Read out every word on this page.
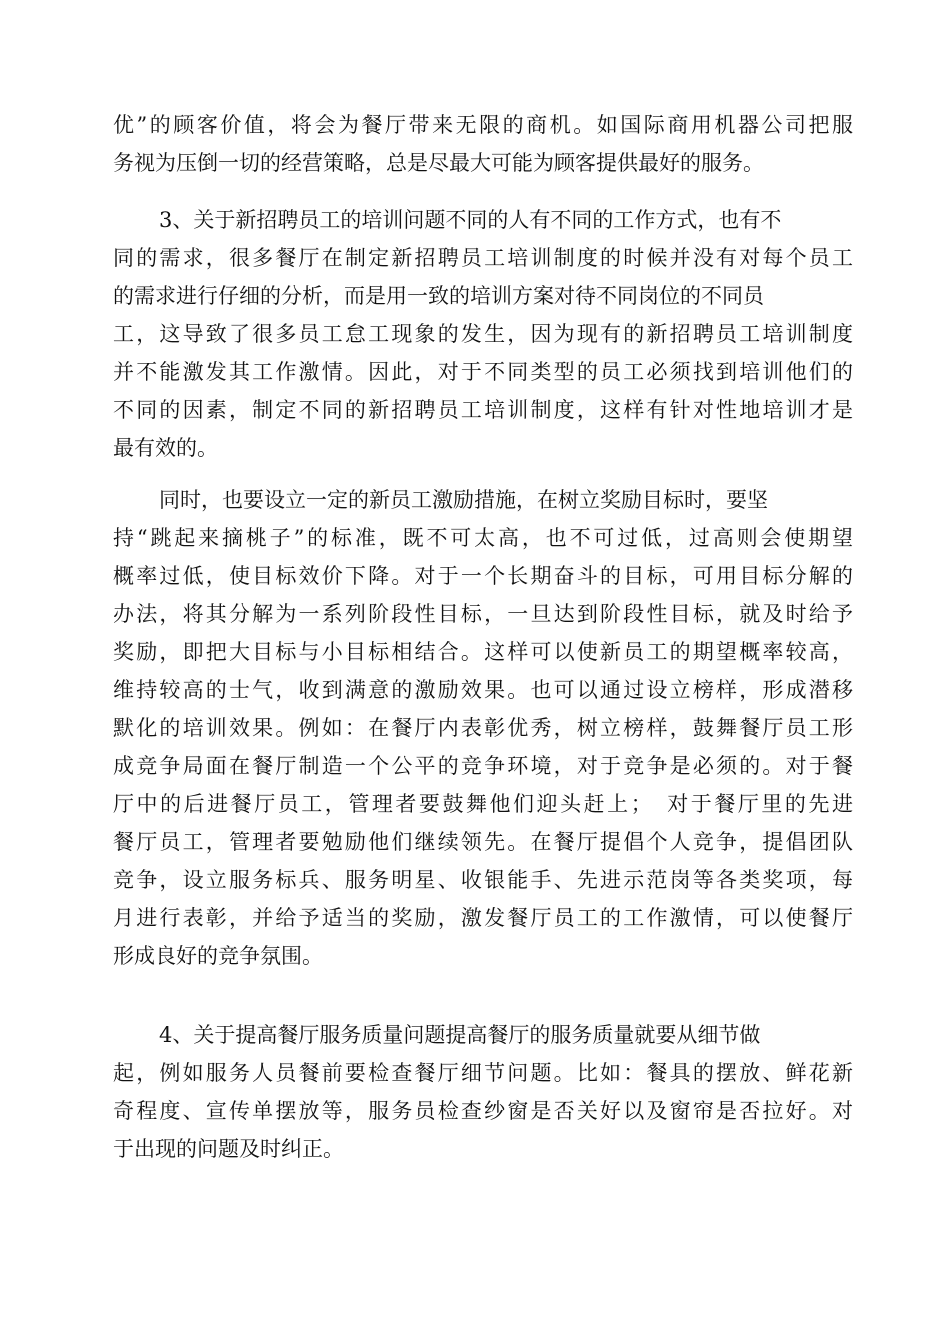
优”的顾客价值，将会为餐厅带来无限的商机。如国际商用机器公司把服
务视为压倒一切的经营策略，总是尽最大可能为顾客提供最好的服务。
3、关于新招聘员工的培训问题不同的人有不同的工作方式，也有不
同的需求，很多餐厅在制定新招聘员工培训制度的时候并没有对每个员工
的需求进行仔细的分析，而是用一致的培训方案对待不同岗位的不同员
工，这导致了很多员工怠工现象的发生，因为现有的新招聘员工培训制度
并不能激发其工作激情。因此，对于不同类型的员工必须找到培训他们的
不同的因素，制定不同的新招聘员工培训制度，这样有针对性地培训才是
最有效的。
同时，也要设立一定的新员工激励措施，在树立奖励目标时，要坚
持“跳起来摘桃子”的标准，既不可太高，也不可过低，过高则会使期望
概率过低，使目标效价下降。对于一个长期奋斗的目标，可用目标分解的
办法，将其分解为一系列阶段性目标，一旦达到阶段性目标，就及时给予
奖励，即把大目标与小目标相结合。这样可以使新员工的期望概率较高，
维持较高的士气，收到满意的激励效果。也可以通过设立榜样，形成潜移
默化的培训效果。例如：在餐厅内表彰优秀，树立榜样，鼓舞餐厅员工形
成竞争局面在餐厅制造一个公平的竞争环境，对于竞争是必须的。对于餐
厅中的后进餐厅员工，管理者要鼓舞他们迎头赶上；　对于餐厅里的先进
餐厅员工，管理者要勉励他们继续领先。在餐厅提倡个人竞争，提倡团队
竞争，设立服务标兵、服务明星、收银能手、先进示范岗等各类奖项，每
月进行表彰，并给予适当的奖励，激发餐厅员工的工作激情，可以使餐厅
形成良好的竞争氛围。
4、关于提高餐厅服务质量问题提高餐厅的服务质量就要从细节做
起，例如服务人员餐前要检查餐厅细节问题。比如：餐具的摆放、鲜花新
奇程度、宣传单摆放等，服务员检查纱窗是否关好以及窗帘是否拉好。对
于出现的问题及时纠正。
